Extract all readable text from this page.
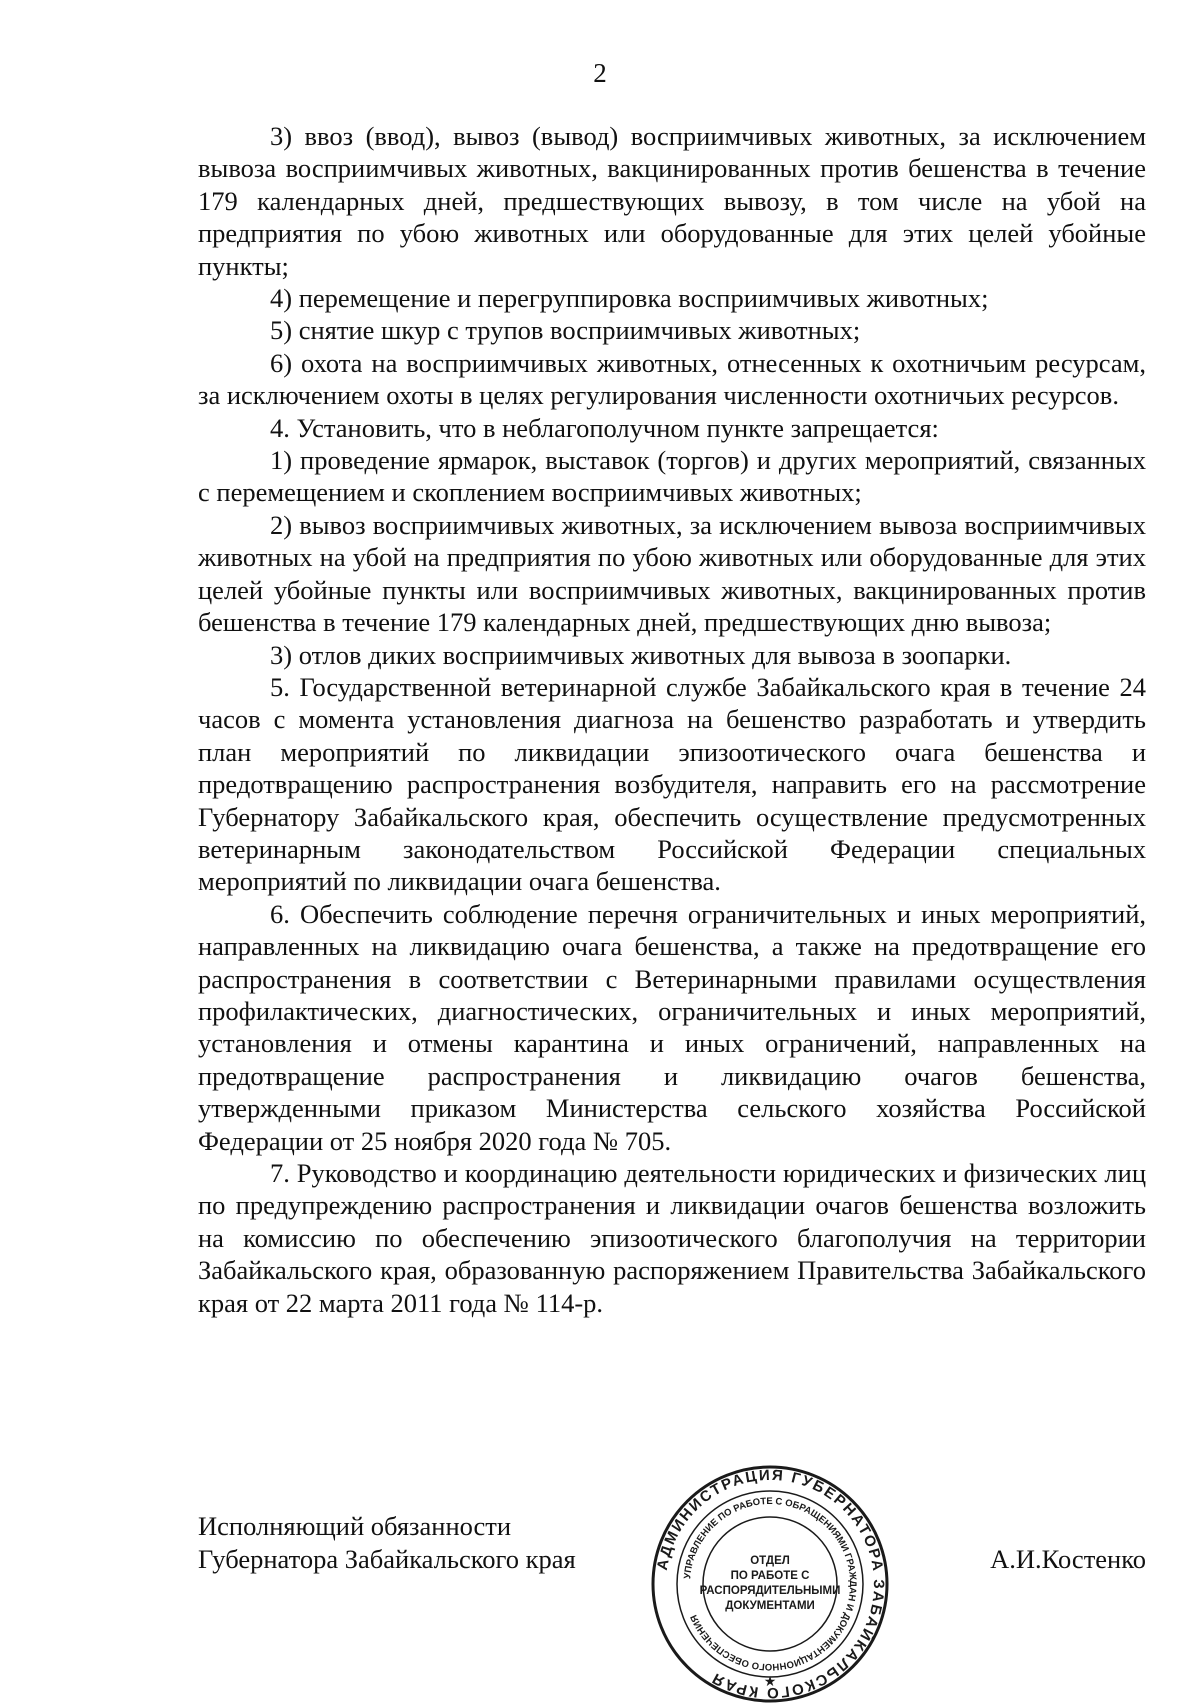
2

3) ввоз (ввод), вывоз (вывод) восприимчивых животных, за исключением вывоза восприимчивых животных, вакцинированных против бешенства в течение 179 календарных дней, предшествующих вывозу, в том числе на убой на предприятия по убою животных или оборудованные для этих целей убойные пункты;

4) перемещение и перегруппировка восприимчивых животных;

5) снятие шкур с трупов восприимчивых животных;

6) охота на восприимчивых животных, отнесенных к охотничьим ресурсам, за исключением охоты в целях регулирования численности охотничьих ресурсов.

4. Установить, что в неблагополучном пункте запрещается:

1) проведение ярмарок, выставок (торгов) и других мероприятий, связанных с перемещением и скоплением восприимчивых животных;

2) вывоз восприимчивых животных, за исключением вывоза восприимчивых животных на убой на предприятия по убою животных или оборудованные для этих целей убойные пункты или восприимчивых животных, вакцинированных против бешенства в течение 179 календарных дней, предшествующих дню вывоза;

3) отлов диких восприимчивых животных для вывоза в зоопарки.

5. Государственной ветеринарной службе Забайкальского края в течение 24 часов с момента установления диагноза на бешенство разработать и утвердить план мероприятий по ликвидации эпизоотического очага бешенства и предотвращению распространения возбудителя, направить его на рассмотрение Губернатору Забайкальского края, обеспечить осуществление предусмотренных ветеринарным законодательством Российской Федерации специальных мероприятий по ликвидации очага бешенства.

6. Обеспечить соблюдение перечня ограничительных и иных мероприятий, направленных на ликвидацию очага бешенства, а также на предотвращение его распространения в соответствии с Ветеринарными правилами осуществления профилактических, диагностических, ограничительных и иных мероприятий, установления и отмены карантина и иных ограничений, направленных на предотвращение распространения и ликвидацию очагов бешенства, утвержденными приказом Министерства сельского хозяйства Российской Федерации от 25 ноября 2020 года № 705.

7. Руководство и координацию деятельности юридических и физических лиц по предупреждению распространения и ликвидации очагов бешенства возложить на комиссию по обеспечению эпизоотического благополучия на территории Забайкальского края, образованную распоряжением Правительства Забайкальского края от 22 марта 2011 года № 114-р.

Исполняющий обязанности
Губернатора Забайкальского края	А.И.Костенко
АДМИНИСТРАЦИЯ ГУБЕРНАТОРА ЗАБАЙКАЛЬСКОГО КРАЯ
УПРАВЛЕНИЕ ПО РАБОТЕ С ОБРАЩЕНИЯМИ ГРАЖДАН И ДОКУМЕНТАЦИОННОГО ОБЕСПЕЧЕНИЯ
ОТДЕЛ
ПО РАБОТЕ С
РАСПОРЯДИТЕЛЬНЫМИ
ДОКУМЕНТАМИ
★
